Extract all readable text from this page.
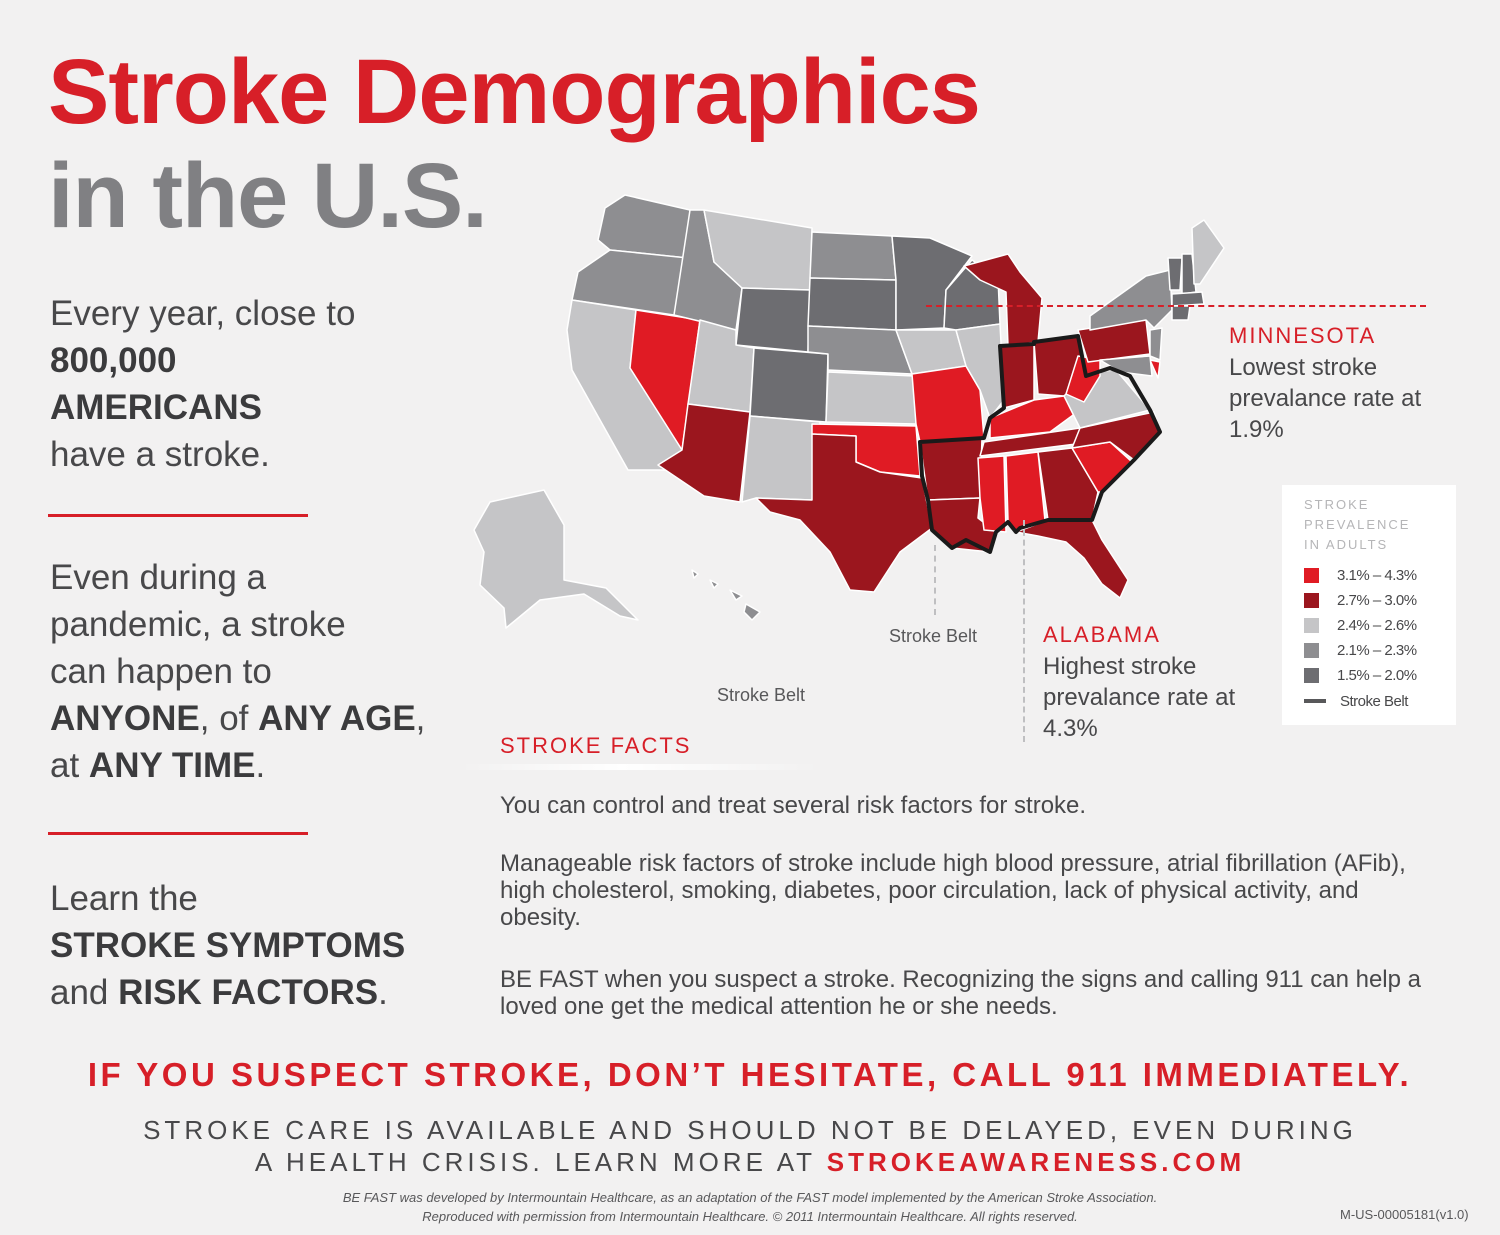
Stroke Demographics
in the U.S.
Every year, close to
800,000
AMERICANS
have a stroke.
Even during a
pandemic, a stroke
can happen to
ANYONE, of ANY AGE,
at ANY TIME.
Learn the
STROKE SYMPTOMS
and RISK FACTORS.
MINNESOTA
Lowest stroke prevalance rate at 1.9%
ALABAMA
Highest stroke prevalance rate at 4.3%
Stroke Belt
Stroke Belt
STROKE
PREVALENCE
IN ADULTS
3.1% – 4.3%
2.7% – 3.0%
2.4% – 2.6%
2.1% – 2.3%
1.5% – 2.0%
Stroke Belt
STROKE FACTS
You can control and treat several risk factors for stroke.
Manageable risk factors of stroke include high blood pressure, atrial fibrillation (AFib), high cholesterol, smoking, diabetes, poor circulation, lack of physical activity, and obesity.
BE FAST when you suspect a stroke. Recognizing the signs and calling 911 can help a loved one get the medical attention he or she needs.
IF YOU SUSPECT STROKE, DON’T HESITATE, CALL 911 IMMEDIATELY.
STROKE CARE IS AVAILABLE AND SHOULD NOT BE DELAYED, EVEN DURING
A HEALTH CRISIS. LEARN MORE AT STROKEAWARENESS.COM
BE FAST was developed by Intermountain Healthcare, as an adaptation of the FAST model implemented by the American Stroke Association.
Reproduced with permission from Intermountain Healthcare. © 2011 Intermountain Healthcare. All rights reserved.	M-US-00005181(v1.0)
